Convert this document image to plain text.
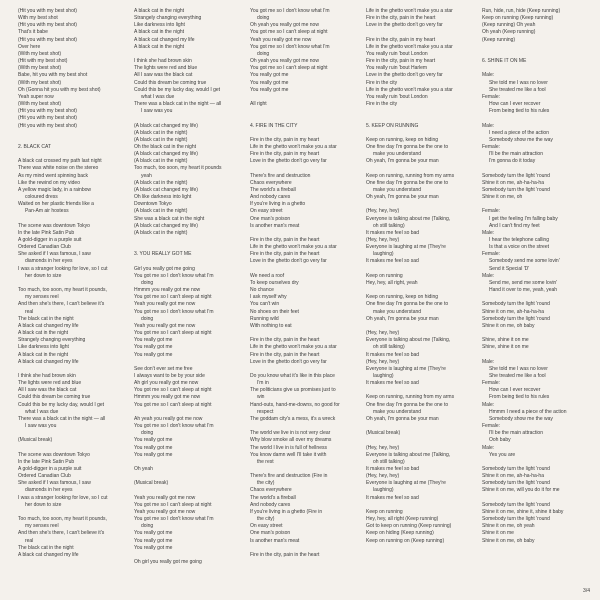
(Hit you with my best shot)
With my best shot
(Hit you with my best shot)
That's it babe
(Hit you with my best shot)
Over here
(With my best shot)
(Hit with my best shot)
(With my best shot)
Babe, hit you with my best shot
(With my best shot)
Oh (Gonna hit you with my best shot)
Yeah super now
(With my best shot)
(Hit you with my best shot)
(Hit you with my best shot)
(Hit you with my best shot)

2. BLACK CAT

A black cat crossed my path last night
There was white noise on the stereo
As my mind went spinning back
Like the rewind on my video
A yellow magic lady, in a rainbow
coloured dress
Waited on her plastic friends like a
Pan-Am air hostess

The scene was downtown Tokyo
In the late Pink Satin Pub
A gold-digger in a purple suit
Ordered Canadian Club
She asked if I was famous, I saw
diamonds in her eyes
I was a stranger looking for love, so I cut
her down to size

Too much, too soon, my heart it pounds,
my senses reel
And then she's there, I can't believe it's
real
The black cat in the night
A black cat changed my life
A black cat in the night
Strangely changing everything
Like darkness into light
A black cat in the night
A black cat changed my life

I think she had brown skin
The lights were red and blue
All I saw was the black cat
Could this dream be coming true
Could this be my lucky day, would I get
what I was due
There was a black cat in the night — all
I saw was you

(Musical break)

The scene was downtown Tokyo
In the late Pink Satin Pub
A gold-digger in a purple suit
Ordered Canadian Club
She asked if I was famous, I saw
diamonds in her eyes
I was a stranger looking for love, so I cut
her down to size

Too much, too soon, my heart it pounds,
my senses reel
And then she's there, I can't believe it's
real
The black cat in the night
A black cat changed my life
A black cat in the night
Strangely changing everything
Like darkness into light
A black cat in the night
A black cat changed my life
A black cat in the night

I think she had brown skin
The lights were red and blue
All I saw was the black cat
Could this dream be coming true
Could this be my lucky day, would I get
what I was due
There was a black cat in the night — all
I saw was you

(A black cat changed my life)
(A black cat in the night)
(A black cat in the night)
Oh the black cat in the night
(A black cat changed my life)
(A black cat in the night)
Too much, too soon, my heart it pounds
yeah
(A black cat in the night)
(A black cat changed my life)
Oh like darkness into light
Downtown Tokyo
(A black cat in the night)
She was a black cat in the night
(A black cat changed my life)
(A black cat in the night)

3. YOU REALLY GOT ME

Girl you really got me going
You got me so I don't know what I'm
doing
Hmmm you really got me now
You got me so I can't sleep at night
Yeah you really got me now
You got me so I don't know what I'm
doing
Yeah you really got me now
You got me so I can't sleep at night
You really got me
You really got me
You really got me

See don't ever set me free
I always want to be by your side
Ah girl you really got me now
You got me so I can't sleep at night
Hmmm you really got me now
You got me so I can't sleep at night

Ah yeah you really got me now
You got me so I don't know what I'm
doing
You really got me
You really got me
You really got me

Oh yeah

(Musical break)

Yeah you really got me now
You got me so I can't sleep at night
Yeah you really got me now
You got me so I don't know what I'm
doing
You really got me
You really got me
You really got me

Oh girl you really got me going
You got me so I don't know what I'm
doing
Oh yeah you really got me now
You got me so I can't sleep at night
Yeah you really got me now
You got me so I don't know what I'm
doing
Oh yeah you really got me now
You got me so I can't sleep at night
You really got me
You really got me
You really got me

All right

4. FIRE IN THE CITY

Fire in the city, pain in my heart
Life in the ghetto won't make you a star
Fire in the city, pain in my heart
Love in the ghetto don't go very far

There's fire and destruction
Chaos everywhere
The world's a fireball
And nobody cares
If you're living in a ghetto
On easy street
One man's poison
Is another man's meat

Fire in the city, pain in the heart
Life in the ghetto won't make you a star
Fire in the city, pain in the heart
Love in the ghetto don't go very far

We need a roof
To keep ourselves dry
No chance
I ask myself why
You can't win
No shoes on their feet
Running wild
With nothing to eat

Fire in the city, pain in the heart
Life in the ghetto won't make you a star
Fire in the city, pain in the heart
Love in the ghetto don't go very far

Do you know what it's like in this place
I'm in
The politicians give us promises just to
win
Hand-outs, hand-me-downs, no good for
respect
The goddam city's a mess, it's a wreck

The world we live in is not very clear
Why blow smoke all over my dreams
The world I live in is full of hellness
You know damn well I'll take it with
the rest

There's fire and destruction (Fire in
the city)
Chaos everywhere
The world's a fireball
And nobody cares
If you're living in a ghetto (Fire in
the city)
On easy street
One man's poison
Is another man's meat

Fire in the city, pain in the heart
Life in the ghetto won't make you a star
Fire in the city, pain in the heart
Love in the ghetto don't go very far

Fire in the city, pain in my heart
Life in the ghetto won't make you a star
You really ruin 'bout London
Fire in the city, pain in my heart
You really ruin 'bout Harlem
Love in the ghetto don't go very far
Fire in the city
Life in the ghetto won't make you a star
You really ruin 'bout London
Fire in the city

5. KEEP ON RUNNING

Keep on running, keep on hiding
One fine day I'm gonna be the one to
make you understand
Oh yeah, I'm gonna be your man

Keep on running, running from my arms
One fine day I'm gonna be the one to
make you understand
Oh yeah, I'm gonna be your man

(Hey, hey, hey)
Everyone is talking about me (Talking,
oh still talking)
It makes me feel so bad
(Hey, hey, hey)
Everyone is laughing at me (They're
laughing)
It makes me feel so sad

Keep on running
Hey, hey, all right, yeah

Keep on running, keep on hiding
One fine day I'm gonna be the one to
make you understand
Oh yeah, I'm gonna be your man

(Hey, hey, hey)
Everyone is talking about me (Talking,
oh still talking)
It makes me feel so bad
(Hey, hey, hey)
Everyone is laughing at me (They're
laughing)
It makes me feel so sad

Keep on running, running from my arms
One fine day I'm gonna be the one to
make you understand
Oh yeah, I'm gonna be your man

(Musical break)

(Hey, hey, hey)
Everyone is talking about me (Talking,
oh still talking)
It makes me feel so bad
(Hey, hey, hey)
Everyone is laughing at me (They're
laughing)
It makes me feel so sad

Keep on running
Hey, hey, all right (Keep running)
Got to keep on running (Keep running)
Keep on hiding (Keep running)
Keep on running on (Keep running)
Run, hide, run, hide (Keep running)
Keep on running (Keep running)
(Keep running) Oh yeah
Oh yeah (Keep running)
(Keep running)

6. SHINE IT ON ME

Male:
She told me I was no lover
She treated me like a fool
Female:
How can I ever recover
From being tied to his rules

Male:
I need a piece of the action
Somebody show me the way
Female:
I'll be the main attraction
I'm gonna do it today

Somebody turn the light 'round
Shine it on me, ah-ha-ha-ha
Somebody turn the light 'round
Shine it on me, oh

Female:
I get the feeling I'm falling baby
And I can't find my feet
Male:
I hear the telephone calling
Is that a voice on the street
Female:
Somebody send me some lovin'
Send it Special 'D'
Male:
Send me, send me some lovin'
Hand it over to me, yeah, yeah

Somebody turn the light 'round
Shine it on me, ah-ha-ha-ha
Somebody turn the light 'round
Shine it on me, oh baby

Shine, shine it on me
Shine, shine it on me

Male:
She told me I was no lover
She treated me like a fool
Female:
How can I ever recover
From being tied to his rules
Male:
Hmmm I need a piece of the action
Somebody show me the way
Female:
I'll be the main attraction
Ooh baby
Male:
Yes you are

Somebody turn the light 'round
Shine it on me, ah-ha-ha-ha
Somebody turn the light 'round
Shine it on me, will you do it for me

Somebody turn the light 'round
Shine it on me, shine it, shine it baby
Somebody turn the light 'round
Shine it on me, oh yeah
Shine it on me
Shine it on me, oh baby
3/4
